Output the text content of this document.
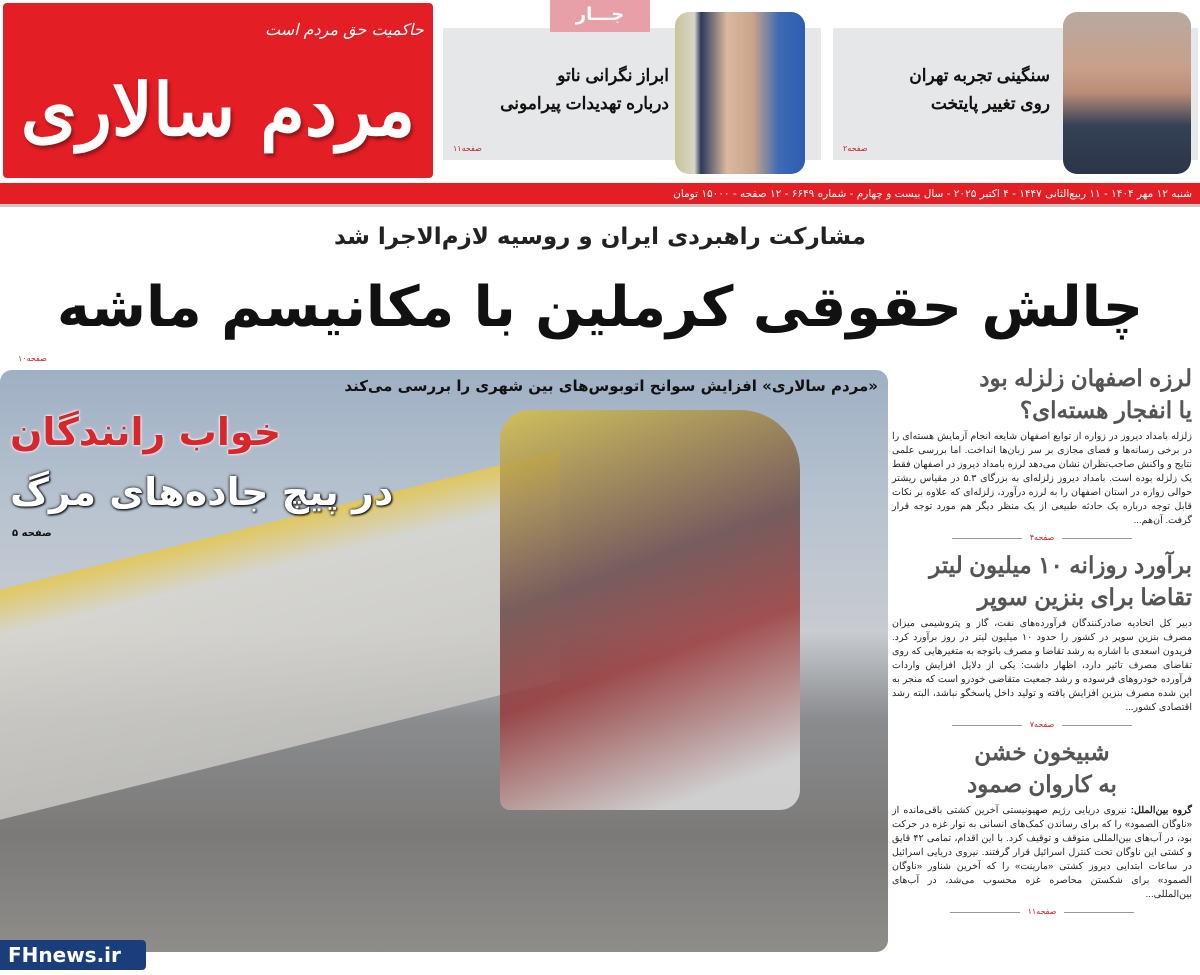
حاکمیت حق مردم است
مردم سالاری	ابراز نگرانی ناتو
درباره تهدیدات پیرامونی
صفحه۱۱
جـــار
سنگینی تجربه تهران
روی تغییر پایتخت
صفحه۲
شنبه ۱۲ مهر ۱۴۰۴ - ۱۱ ربیع‌الثانی ۱۴۴۷ - ۴ اکتبر ۲۰۲۵ - سال بیست و چهارم - شماره ۶۶۴۹ - ۱۲ صفحه - ۱۵۰۰۰ تومان
مشارکت راهبردی ایران و روسیه لازم‌الاجرا شد
چالش حقوقی کرملین با مکانیسم ماشه
صفحه۱۰
«مردم سالاری» افزایش سوانح اتوبوس‌های بین شهری را بررسی می‌کند
خواب رانندگان
در پیچ جاده‌های مرگ
صفحه ۵
لرزه اصفهان زلزله بود
یا انفجار هسته‌ای؟
زلزله بامداد دیروز در زواره از توابع اصفهان شایعه انجام آزمایش هسته‌ای را در برخی رسانه‌ها و فضای مجازی بر سر زبان‌ها انداخت. اما بررسی علمی نتایج و واکنش صاحب‌نظران نشان می‌دهد لرزه بامداد دیروز در اصفهان فقط یک زلزله بوده است. بامداد دیروز زلزله‌ای به بزرگای ۵.۳ در مقیاس ریشتر حوالی زواره در استان اصفهان را به لرزه درآورد، زلزله‌ای که علاوه بر نکات قابل توجه درباره یک حادثه طبیعی از یک منظر دیگر هم مورد توجه قرار گرفت. آن‌هم...
صفحه۴
برآورد روزانه ۱۰ میلیون لیتر
تقاضا برای بنزین سوپر
دبیر کل اتحادیه صادرکنندگان فرآورده‌های نفت، گاز و پتروشیمی میزان مصرف بنزین سوپر در کشور را حدود ۱۰ میلیون لیتر در روز برآورد کرد. فریدون اسعدی با اشاره به رشد تقاضا و مصرف باتوجه به متغیرهایی که روی تقاضای مصرف تاثیر دارد، اظهار داشت: یکی از دلایل افزایش واردات فرآورده خودروهای فرسوده و رشد جمعیت متقاضی خودرو است که منجر به این شده مصرف بنزین افزایش یافته و تولید داخل پاسخگو نباشد، البته رشد اقتصادی کشور...
صفحه۷
شبیخون خشن
به کاروان صمود
گروه بین‌الملل: نیروی دریایی رژیم صهیونیستی آخرین کشتی باقی‌مانده از «ناوگان الصمود» را که برای رساندن کمک‌های انسانی به نوار غزه در حرکت بود، در آب‌های بین‌المللی متوقف و توقیف کرد. با این اقدام، تمامی ۴۲ قایق و کشتی این ناوگان تحت کنترل اسرائیل قرار گرفتند. نیروی دریایی اسرائیل در ساعات ابتدایی دیروز کشتی «مارینت» را که آخرین شناور «ناوگان الصمود» برای شکستن محاصره غزه محسوب می‌شد، در آب‌های بین‌المللی...
صفحه۱۱
FHnews.ir
